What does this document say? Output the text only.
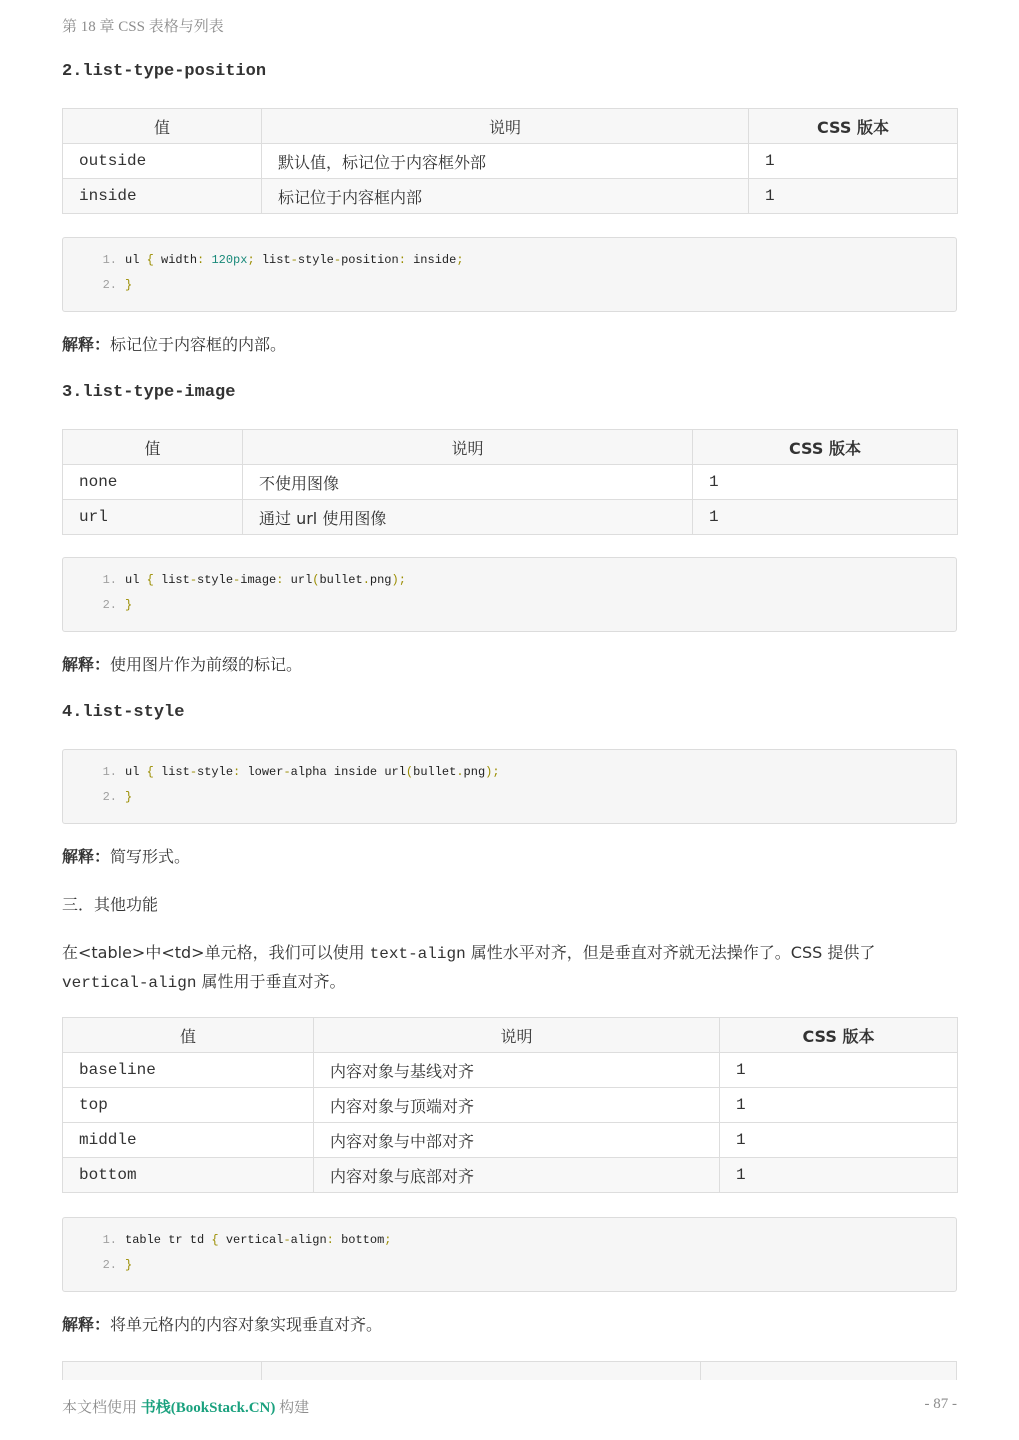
第 18 章 CSS 表格与列表
2.list-type-position
值	说明	CSS 版本
outside	默认值，标记位于内容框外部	1
inside	标记位于内容框内部	1
1. ul { width: 120px; list-style-position: inside;
2. }
解释：标记位于内容框的内部。
3.list-type-image
值	说明	CSS 版本
none	不使用图像	1
url	通过 url 使用图像	1
1. ul { list-style-image: url(bullet.png);
2. }
解释：使用图片作为前缀的标记。
4.list-style
1. ul { list-style: lower-alpha inside url(bullet.png);
2. }
解释：简写形式。
三．其他功能
在<table>中<td>单元格，我们可以使用 text-align 属性水平对齐，但是垂直对齐就无法操作了。CSS 提供了
vertical-align 属性用于垂直对齐。
值	说明	CSS 版本
baseline	内容对象与基线对齐	1
top	内容对象与顶端对齐	1
middle	内容对象与中部对齐	1
bottom	内容对象与底部对齐	1
1. table tr td { vertical-align: bottom;
2. }
解释：将单元格内的内容对象实现垂直对齐。
本文档使用 书栈(BookStack.CN) 构建	- 87 -
